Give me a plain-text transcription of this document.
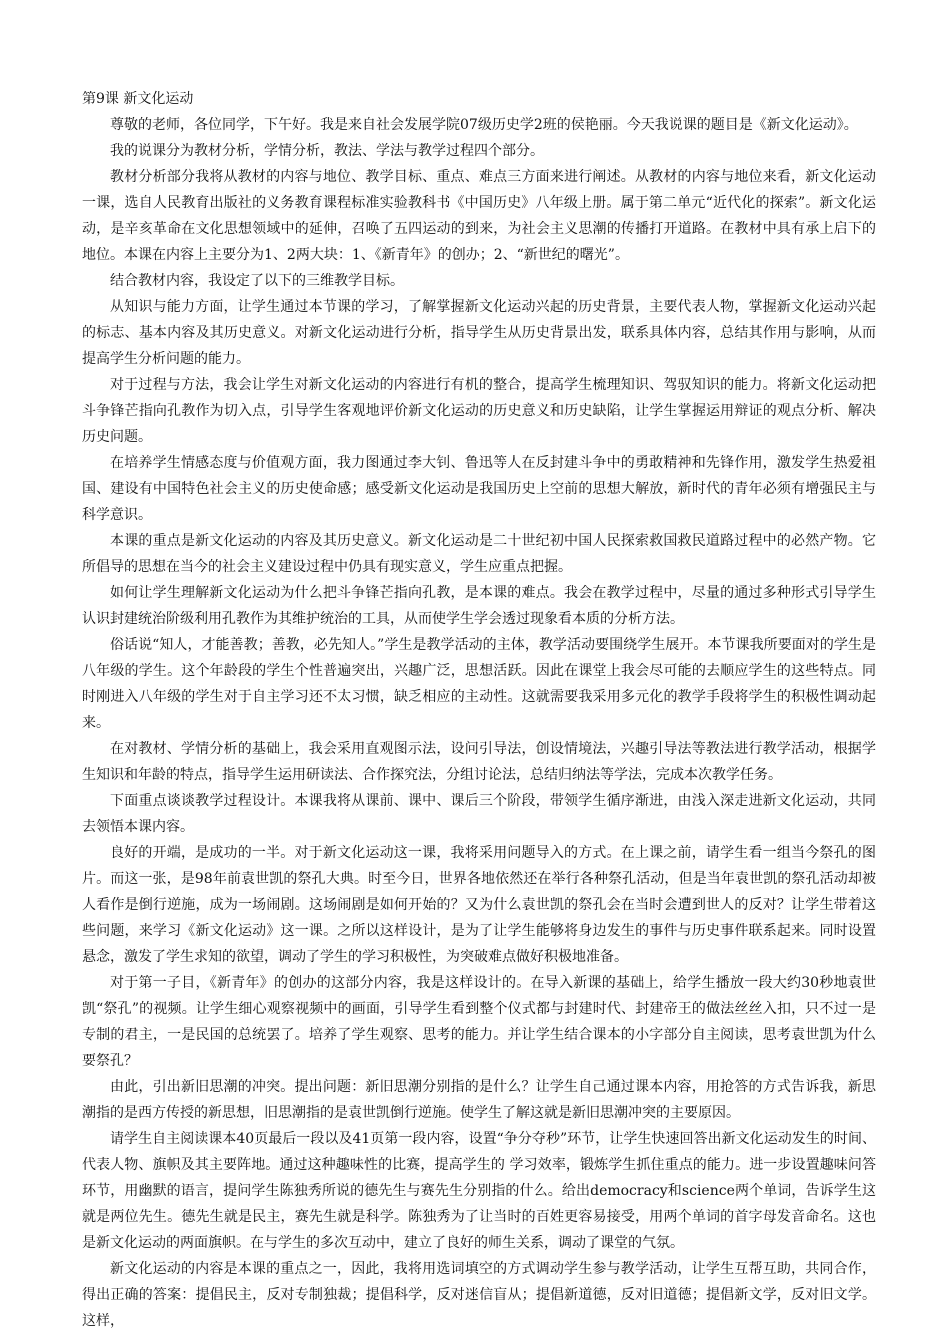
第9课 新文化运动

尊敬的老师，各位同学，下午好。我是来自社会发展学院07级历史学2班的侯艳丽。今天我说课的题目是《新文化运动》。

我的说课分为教材分析，学情分析，教法、学法与教学过程四个部分。

教材分析部分我将从教材的内容与地位、教学目标、重点、难点三方面来进行阐述。从教材的内容与地位来看，新文化运动一课，选自人民教育出版社的义务教育课程标准实验教科书《中国历史》八年级上册。属于第二单元“近代化的探索”。新文化运动，是辛亥革命在文化思想领域中的延伸，召唤了五四运动的到来，为社会主义思潮的传播打开道路。在教材中具有承上启下的地位。本课在内容上主要分为1、2两大块：1、《新青年》的创办；2、“新世纪的曙光”。

结合教材内容，我设定了以下的三维教学目标。

从知识与能力方面，让学生通过本节课的学习，了解掌握新文化运动兴起的历史背景，主要代表人物，掌握新文化运动兴起的标志、基本内容及其历史意义。对新文化运动进行分析，指导学生从历史背景出发，联系具体内容，总结其作用与影响，从而提高学生分析问题的能力。

对于过程与方法，我会让学生对新文化运动的内容进行有机的整合，提高学生梳理知识、驾驭知识的能力。将新文化运动把斗争锋芒指向孔教作为切入点，引导学生客观地评价新文化运动的历史意义和历史缺陷，让学生掌握运用辩证的观点分析、解决历史问题。

在培养学生情感态度与价值观方面，我力图通过李大钊、鲁迅等人在反封建斗争中的勇敢精神和先锋作用，激发学生热爱祖国、建设有中国特色社会主义的历史使命感；感受新文化运动是我国历史上空前的思想大解放，新时代的青年必须有增强民主与科学意识。

本课的重点是新文化运动的内容及其历史意义。新文化运动是二十世纪初中国人民探索救国救民道路过程中的必然产物。它所倡导的思想在当今的社会主义建设过程中仍具有现实意义，学生应重点把握。

如何让学生理解新文化运动为什么把斗争锋芒指向孔教，是本课的难点。我会在教学过程中，尽量的通过多种形式引导学生认识封建统治阶级利用孔教作为其维护统治的工具，从而使学生学会透过现象看本质的分析方法。

俗话说“知人，才能善教；善教，必先知人。”学生是教学活动的主体，教学活动要围绕学生展开。本节课我所要面对的学生是八年级的学生。这个年龄段的学生个性普遍突出，兴趣广泛，思想活跃。因此在课堂上我会尽可能的去顺应学生的这些特点。同时刚进入八年级的学生对于自主学习还不太习惯，缺乏相应的主动性。这就需要我采用多元化的教学手段将学生的积极性调动起来。

在对教材、学情分析的基础上，我会采用直观图示法，设问引导法，创设情境法，兴趣引导法等教法进行教学活动，根据学生知识和年龄的特点，指导学生运用研读法、合作探究法，分组讨论法，总结归纳法等学法，完成本次教学任务。

下面重点谈谈教学过程设计。本课我将从课前、课中、课后三个阶段，带领学生循序渐进，由浅入深走进新文化运动，共同去领悟本课内容。

良好的开端，是成功的一半。对于新文化运动这一课，我将采用问题导入的方式。在上课之前，请学生看一组当今祭孔的图片。而这一张，是98年前袁世凯的祭孔大典。时至今日，世界各地依然还在举行各种祭孔活动，但是当年袁世凯的祭孔活动却被人看作是倒行逆施，成为一场闹剧。这场闹剧是如何开始的？又为什么袁世凯的祭孔会在当时会遭到世人的反对？让学生带着这些问题，来学习《新文化运动》这一课。之所以这样设计，是为了让学生能够将身边发生的事件与历史事件联系起来。同时设置悬念，激发了学生求知的欲望，调动了学生的学习积极性，为突破难点做好积极地准备。

对于第一子目，《新青年》的创办的这部分内容，我是这样设计的。在导入新课的基础上，给学生播放一段大约30秒地袁世凯“祭孔”的视频。让学生细心观察视频中的画面，引导学生看到整个仪式都与封建时代、封建帝王的做法丝丝入扣，只不过一是专制的君主，一是民国的总统罢了。培养了学生观察、思考的能力。并让学生结合课本的小字部分自主阅读，思考袁世凯为什么要祭孔？

由此，引出新旧思潮的冲突。提出问题：新旧思潮分别指的是什么？让学生自己通过课本内容，用抢答的方式告诉我，新思潮指的是西方传授的新思想，旧思潮指的是袁世凯倒行逆施。使学生了解这就是新旧思潮冲突的主要原因。

请学生自主阅读课本40页最后一段以及41页第一段内容，设置“争分夺秒”环节，让学生快速回答出新文化运动发生的时间、代表人物、旗帜及其主要阵地。通过这种趣味性的比赛，提高学生的 学习效率，锻炼学生抓住重点的能力。进一步设置趣味问答环节，用幽默的语言，提问学生陈独秀所说的德先生与赛先生分别指的什么。给出democracy和science两个单词，告诉学生这就是两位先生。德先生就是民主，赛先生就是科学。陈独秀为了让当时的百姓更容易接受，用两个单词的首字母发音命名。这也是新文化运动的两面旗帜。在与学生的多次互动中，建立了良好的师生关系，调动了课堂的气氛。

新文化运动的内容是本课的重点之一，因此，我将用选词填空的方式调动学生参与教学活动，让学生互帮互助，共同合作，得出正确的答案：提倡民主，反对专制独裁；提倡科学，反对迷信盲从；提倡新道德，反对旧道德；提倡新文学，反对旧文学。这样，
